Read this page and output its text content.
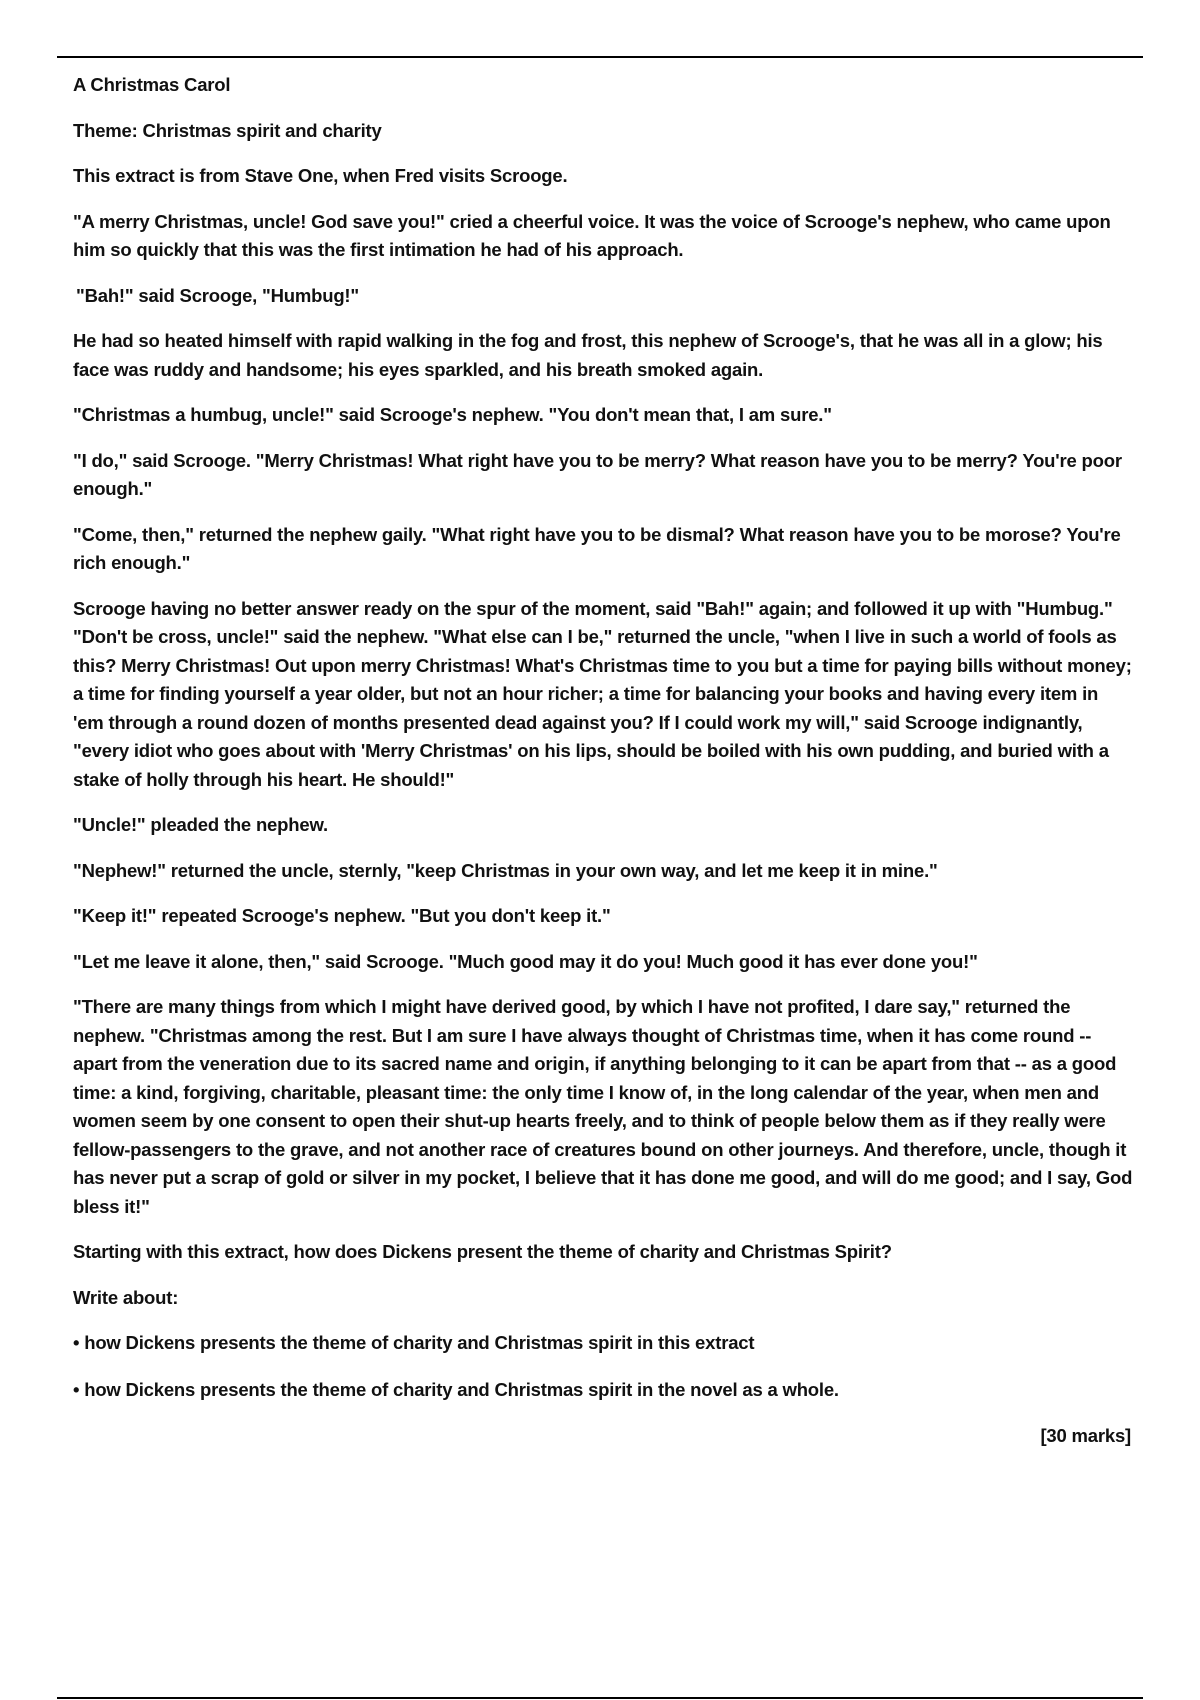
A Christmas Carol

Theme: Christmas spirit and charity

This extract is from Stave One, when Fred visits Scrooge.

"A merry Christmas, uncle! God save you!" cried a cheerful voice. It was the voice of Scrooge's nephew, who came upon him so quickly that this was the first intimation he had of his approach.

"Bah!" said Scrooge, "Humbug!"

He had so heated himself with rapid walking in the fog and frost, this nephew of Scrooge's, that he was all in a glow; his face was ruddy and handsome; his eyes sparkled, and his breath smoked again.

"Christmas a humbug, uncle!" said Scrooge's nephew. "You don't mean that, I am sure."

"I do," said Scrooge. "Merry Christmas! What right have you to be merry? What reason have you to be merry? You're poor enough."

"Come, then," returned the nephew gaily. "What right have you to be dismal? What reason have you to be morose? You're rich enough."

Scrooge having no better answer ready on the spur of the moment, said "Bah!" again; and followed it up with "Humbug." "Don't be cross, uncle!" said the nephew. "What else can I be," returned the uncle, "when I live in such a world of fools as this? Merry Christmas! Out upon merry Christmas! What's Christmas time to you but a time for paying bills without money; a time for finding yourself a year older, but not an hour richer; a time for balancing your books and having every item in 'em through a round dozen of months presented dead against you? If I could work my will," said Scrooge indignantly, "every idiot who goes about with 'Merry Christmas' on his lips, should be boiled with his own pudding, and buried with a stake of holly through his heart. He should!"

"Uncle!" pleaded the nephew.

"Nephew!" returned the uncle, sternly, "keep Christmas in your own way, and let me keep it in mine."

"Keep it!" repeated Scrooge's nephew. "But you don't keep it."

"Let me leave it alone, then," said Scrooge. "Much good may it do you! Much good it has ever done you!"

"There are many things from which I might have derived good, by which I have not profited, I dare say," returned the nephew. "Christmas among the rest. But I am sure I have always thought of Christmas time, when it has come round -- apart from the veneration due to its sacred name and origin, if anything belonging to it can be apart from that -- as a good time: a kind, forgiving, charitable, pleasant time: the only time I know of, in the long calendar of the year, when men and women seem by one consent to open their shut-up hearts freely, and to think of people below them as if they really were fellow-passengers to the grave, and not another race of creatures bound on other journeys. And therefore, uncle, though it has never put a scrap of gold or silver in my pocket, I believe that it has done me good, and will do me good; and I say, God bless it!"

Starting with this extract, how does Dickens present the theme of charity and Christmas Spirit?

Write about:

• how Dickens presents the theme of charity and Christmas spirit in this extract

• how Dickens presents the theme of charity and Christmas spirit in the novel as a whole.

[30 marks]
